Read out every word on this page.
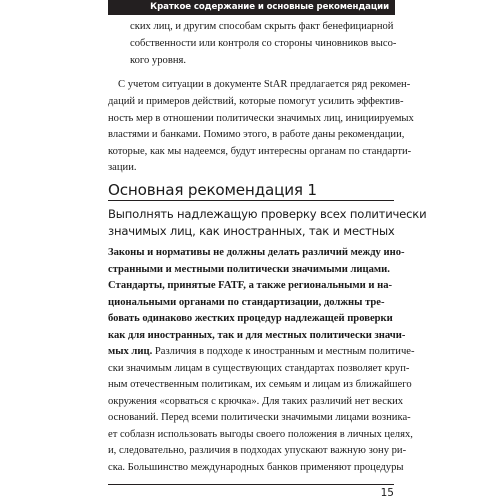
Краткое содержание и основные рекомендации
ских лиц, и другим способам скрыть факт бенефициарной
собственности или контроля со стороны чиновников высо-
кого уровня.
С учетом ситуации в документе StAR предлагается ряд рекомен-
даций и примеров действий, которые помогут усилить эффектив-
ность мер в отношении политически значимых лиц, инициируемых
властями и банками. Помимо этого, в работе даны рекомендации,
которые, как мы надеемся, будут интересны органам по стандарти-
зации.
Основная рекомендация 1
Выполнять надлежащую проверку всех политически
значимых лиц, как иностранных, так и местных
Законы и нормативы не должны делать различий между ино-
странными и местными политически значимыми лицами.
Стандарты, принятые FATF, а также региональными и на-
циональными органами по стандартизации, должны тре-
бовать одинаково жестких процедур надлежащей проверки
как для иностранных, так и для местных политически значи-
мых лиц. Различия в подходе к иностранным и местным политиче-
ски значимым лицам в существующих стандартах позволяет круп-
ным отечественным политикам, их семьям и лицам из ближайшего
окружения «сорваться с крючка». Для таких различий нет веских
оснований. Перед всеми политически значимыми лицами возника-
ет соблазн использовать выгоды своего положения в личных целях,
и, следовательно, различия в подходах упускают важную зону ри-
ска. Большинство международных банков применяют процедуры
15
